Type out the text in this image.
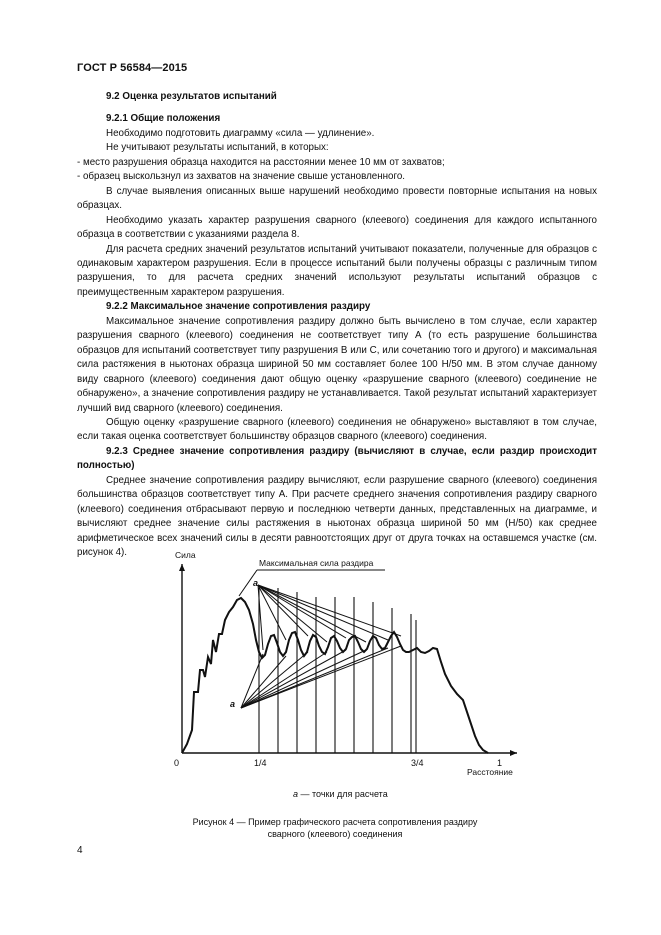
ГОСТ Р 56584—2015

9.2 Оценка результатов испытаний

9.2.1 Общие положения

Необходимо подготовить диаграмму «сила — удлинение».

Не учитывают результаты испытаний, в которых:

- место разрушения образца находится на расстоянии менее 10 мм от захватов;

- образец выскользнул из захватов на значение свыше установленного.

В случае выявления описанных выше нарушений необходимо провести повторные испытания на новых образцах.

Необходимо указать характер разрушения сварного (клеевого) соединения для каждого испытанного образца в соответствии с указаниями раздела 8.

Для расчета средних значений результатов испытаний учитывают показатели, полученные для образцов с одинаковым характером разрушения. Если в процессе испытаний были получены образцы с различным типом разрушения, то для расчета средних значений используют результаты испытаний образцов с преимущественным характером разрушения.

9.2.2 Максимальное значение сопротивления раздиру

Максимальное значение сопротивления раздиру должно быть вычислено в том случае, если характер разрушения сварного (клеевого) соединения не соответствует типу А (то есть разрушение большинства образцов для испытаний соответствует типу разрушения В или С, или сочетанию того и другого) и максимальная сила растяжения в ньютонах образца шириной 50 мм составляет более 100 Н/50 мм. В этом случае данному виду сварного (клеевого) соединения дают общую оценку «разрушение сварного (клеевого) соединение не обнаружено», а значение сопротивления раздиру не устанавливается. Такой результат испытаний характеризует лучший вид сварного (клеевого) соединения.

Общую оценку «разрушение сварного (клеевого) соединения не обнаружено» выставляют в том случае, если такая оценка соответствует большинству образцов сварного (клеевого) соединения.

9.2.3 Среднее значение сопротивления раздиру (вычисляют в случае, если раздир происходит полностью)

Среднее значение сопротивления раздиру вычисляют, если разрушение сварного (клеевого) соединения большинства образцов соответствует типу А. При расчете среднего значения сопротивления раздиру сварного (клеевого) соединения отбрасывают первую и последнюю четверти данных, представленных на диаграмме, и вычисляют среднее значение силы растяжения в ньютонах образца шириной 50 мм (Н/50) как среднее арифметическое всех значений силы в десяти равноотстоящих друг от друга точках на оставшемся участке (см. рисунок 4).

Максимальная сила раздира
a
a
Сила
Расстояние
0	1/4	3/4	1
a — точки для расчета
Рисунок 4 — Пример графического расчета сопротивления раздиру сварного (клеевого) соединения
4
